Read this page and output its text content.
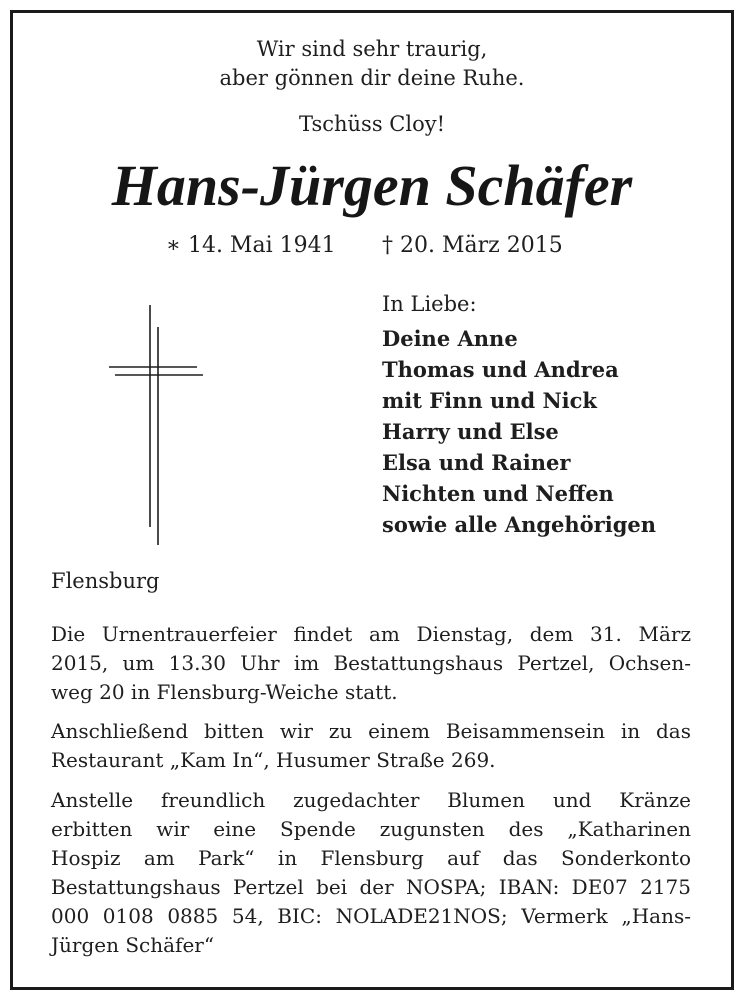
Wir sind sehr traurig,
aber gönnen dir deine Ruhe.
Tschüss Cloy!
Hans-Jürgen Schäfer
∗ 14. Mai 1941 † 20. März 2015
In Liebe:
Deine Anne
Thomas und Andrea
mit Finn und Nick
Harry und Else
Elsa und Rainer
Nichten und Neffen
sowie alle Angehörigen
Flensburg
Die Urnentrauerfeier findet am Dienstag, dem 31. März
2015, um 13.30 Uhr im Bestattungshaus Pertzel, Ochsen-
weg 20 in Flensburg-Weiche statt.
Anschließend bitten wir zu einem Beisammensein in das
Restaurant „Kam In“, Husumer Straße 269.
Anstelle freundlich zugedachter Blumen und Kränze
erbitten wir eine Spende zugunsten des „Katharinen
Hospiz am Park“ in Flensburg auf das Sonderkonto
Bestattungshaus Pertzel bei der NOSPA; IBAN: DE07 2175
000 0108 0885 54, BIC: NOLADE21NOS; Vermerk „Hans-
Jürgen Schäfer“
